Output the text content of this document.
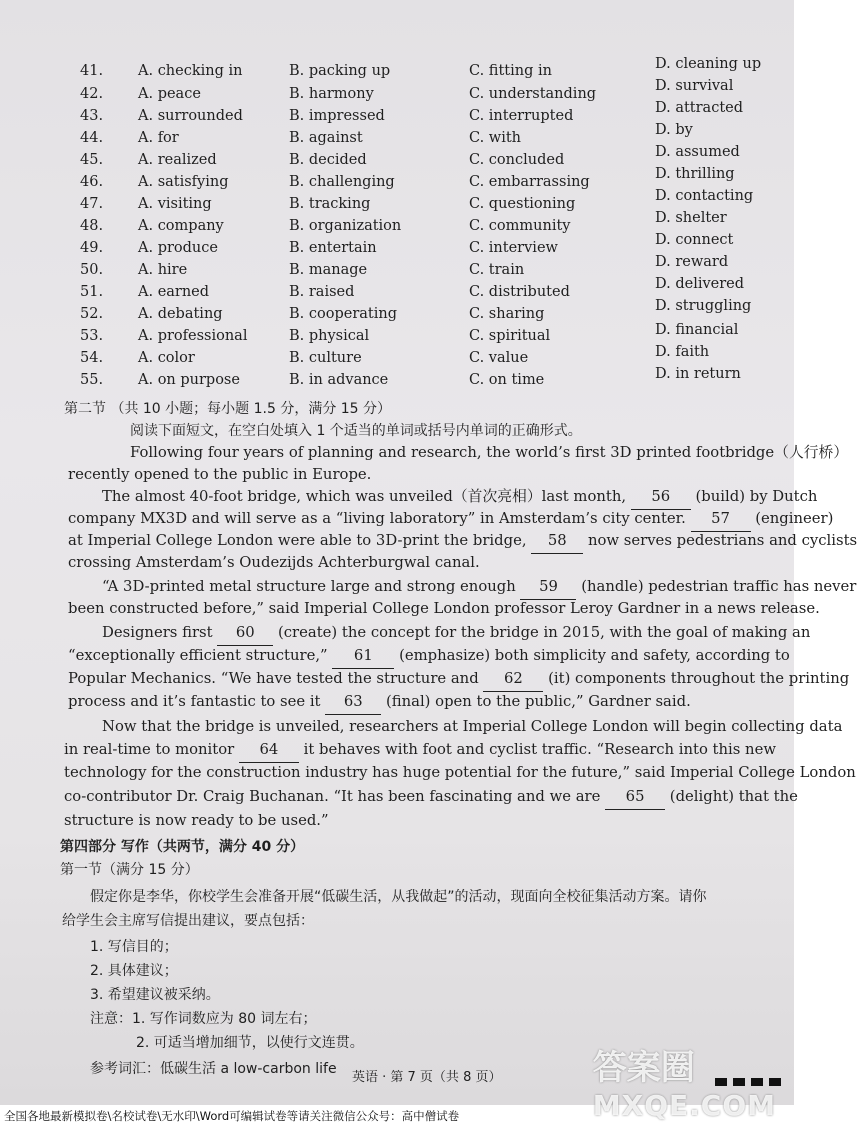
41. A. checking in	B. packing up	C. fitting in	D. cleaning up
42. A. peace	B. harmony	C. understanding	D. survival
43. A. surrounded	B. impressed	C. interrupted	D. attracted
44. A. for	B. against	C. with	D. by
45. A. realized	B. decided	C. concluded	D. assumed
46. A. satisfying	B. challenging	C. embarrassing	D. thrilling
47. A. visiting	B. tracking	C. questioning	D. contacting
48. A. company	B. organization	C. community	D. shelter
49. A. produce	B. entertain	C. interview	D. connect
50. A. hire	B. manage	C. train	D. reward
51. A. earned	B. raised	C. distributed	D. delivered
52. A. debating	B. cooperating	C. sharing	D. struggling
53. A. professional	B. physical	C. spiritual	D. financial
54. A. color	B. culture	C. value	D. faith
55. A. on purpose	B. in advance	C. on time	D. in return
第二节 （共 10 小题；每小题 1.5 分，满分 15 分）
阅读下面短文，在空白处填入 1 个适当的单词或括号内单词的正确形式。
Following four years of planning and research, the world’s first 3D printed footbridge（人行桥）
recently opened to the public in Europe.
The almost 40-foot bridge, which was unveiled（首次亮相）last month, 56 (build) by Dutch
company MX3D and will serve as a “living laboratory” in Amsterdam’s city center. 57 (engineer)
at Imperial College London were able to 3D-print the bridge, 58 now serves pedestrians and cyclists
crossing Amsterdam’s Oudezijds Achterburgwal canal.
“A 3D-printed metal structure large and strong enough 59 (handle) pedestrian traffic has never
been constructed before,” said Imperial College London professor Leroy Gardner in a news release.
Designers first 60 (create) the concept for the bridge in 2015, with the goal of making an
“exceptionally efficient structure,” 61 (emphasize) both simplicity and safety, according to
Popular Mechanics. “We have tested the structure and 62 (it) components throughout the printing
process and it’s fantastic to see it 63 (final) open to the public,” Gardner said.
Now that the bridge is unveiled, researchers at Imperial College London will begin collecting data
in real-time to monitor 64 it behaves with foot and cyclist traffic. “Research into this new
technology for the construction industry has huge potential for the future,” said Imperial College London
co-contributor Dr. Craig Buchanan. “It has been fascinating and we are 65 (delight) that the
structure is now ready to be used.”
第四部分 写作（共两节，满分 40 分）
第一节（满分 15 分）
假定你是李华，你校学生会准备开展“低碳生活，从我做起”的活动，现面向全校征集活动方案。请你
给学生会主席写信提出建议，要点包括：
1. 写信目的；
2. 具体建议；
3. 希望建议被采纳。
注意：1. 写作词数应为 80 词左右；
2. 可适当增加细节，以使行文连贯。
参考词汇：低碳生活 a low-carbon life
英语 · 第 7 页（共 8 页）	答案圈
MXQE.COM
全国各地最新模拟卷\名校试卷\无水印\Word可编辑试卷等请关注微信公众号：高中僧试卷
